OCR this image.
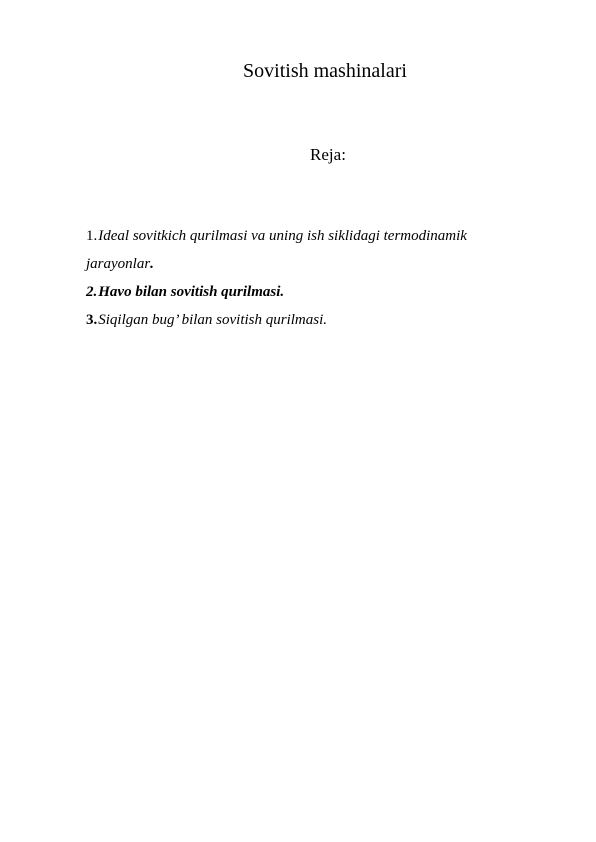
Sovitish mashinalari
Reja:
1.Ideal sovitkich qurilmasi va uning ish siklidagi termodinamik
jarayonlar.
2.Havo bilan sovitish qurilmasi.
3.Siqilgan bug’ bilan sovitish qurilmasi.
